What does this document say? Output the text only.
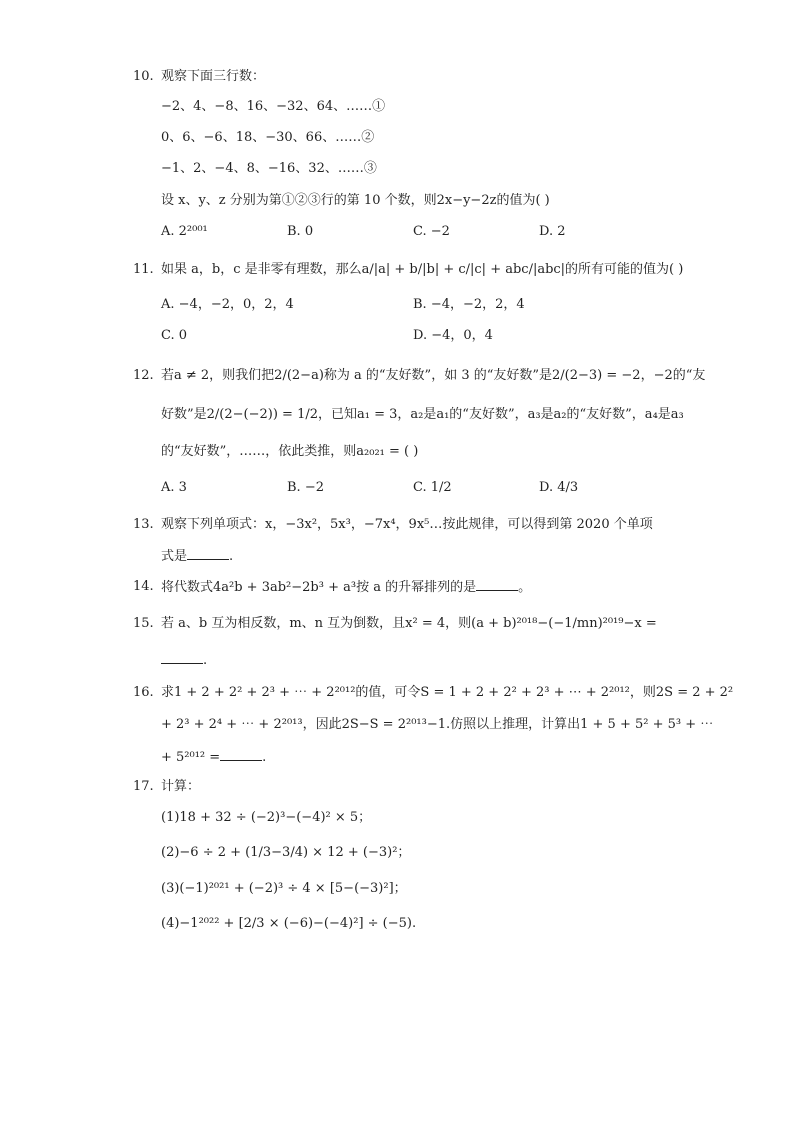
10. 观察下面三行数：
−2、4、−8、16、−32、64、……①
0、6、−6、18、−30、66、……②
−1、2、−4、8、−16、32、……③
设 x、y、z 分别为第①②③行的第 10 个数，则2x−y−2z的值为( )
A. 2²⁰⁰¹	B. 0	C. −2	D. 2
11. 如果 a，b，c 是非零有理数，那么a/|a| + b/|b| + c/|c| + abc/|abc|的所有可能的值为( )
A. −4，−2，0，2，4	B. −4，−2，2，4
C. 0	D. −4，0，4
12. 若a ≠ 2，则我们把2/(2−a)称为 a 的“友好数”，如 3 的“友好数”是2/(2−3) = −2，−2的“友
好数”是2/(2−(−2)) = 1/2，已知a₁ = 3，a₂是a₁的“友好数”，a₃是a₂的“友好数”，a₄是a₃
的“友好数”，……，依此类推，则a₂₀₂₁ = ( )
A. 3	B. −2	C. 1/2	D. 4/3
13. 观察下列单项式：x，−3x²，5x³，−7x⁴，9x⁵…按此规律，可以得到第 2020 个单项
式是	.
14. 将代数式4a²b + 3ab²−2b³ + a³按 a 的升幂排列的是	。
15. 若 a、b 互为相反数，m、n 互为倒数，且x² = 4，则(a + b)²⁰¹⁸−(−1/mn)²⁰¹⁹−x =
.
16. 求1 + 2 + 2² + 2³ + ⋯ + 2²⁰¹²的值，可令S = 1 + 2 + 2² + 2³ + ⋯ + 2²⁰¹²，则2S = 2 + 2²
+ 2³ + 2⁴ + ⋯ + 2²⁰¹³，因此2S−S = 2²⁰¹³−1.仿照以上推理，计算出1 + 5 + 5² + 5³ + ⋯
+ 5²⁰¹² =	.
17. 计算：
(1)18 + 32 ÷ (−2)³−(−4)² × 5；
(2)−6 ÷ 2 + (1/3−3/4) × 12 + (−3)²；
(3)(−1)²⁰²¹ + (−2)³ ÷ 4 × [5−(−3)²]；
(4)−1²⁰²² + [2/3 × (−6)−(−4)²] ÷ (−5).
